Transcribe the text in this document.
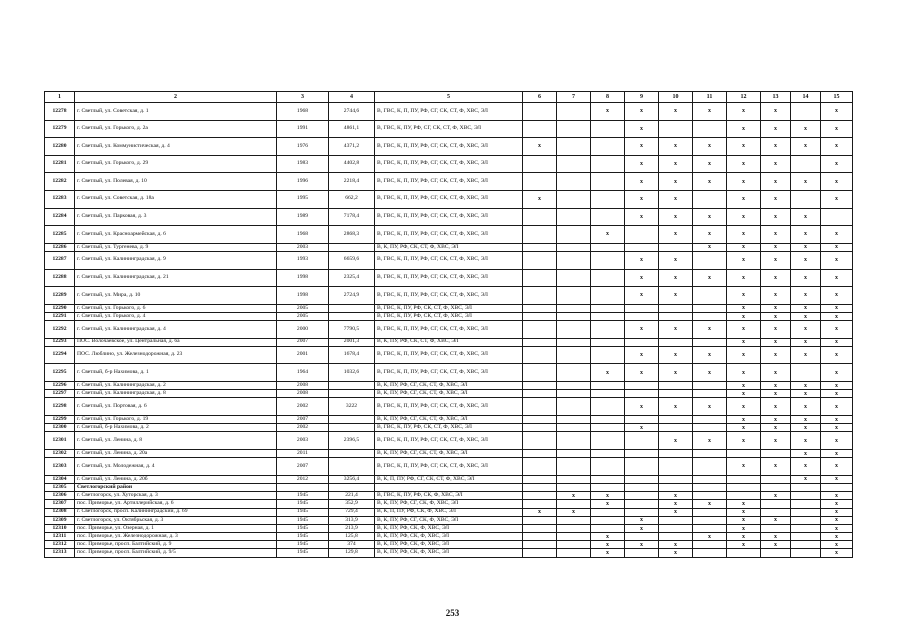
1	2	3	4	5	6	7	8	9	10	11	12	13	14	15
12278	г. Светлый, ул. Советская, д. 1	1968	2744,6	В, ГВС, К, П, ПУ, РФ, СГ, СК, СТ, Ф, ХВС, ЭЛ			x	x	x	x	x	x		x
12279	г. Светлый, ул. Горького, д. 2а	1991	4861,1	В, ГВС, К, ПУ, РФ, СГ, СК, СТ, Ф, ХВС, ЭЛ				x			x	x	x	x
12280	г. Светлый, ул. Коммунистическая, д. 4	1976	4371,2	В, ГВС, К, П, ПУ, РФ, СГ, СК, СТ, Ф, ХВС, ЭЛ	x			x	x	x	x	x	x	x
12281	г. Светлый, ул. Горького, д. 29	1983	4402,8	В, ГВС, К, П, ПУ, РФ, СГ, СК, СТ, Ф, ХВС, ЭЛ				x	x	x	x	x		x
12282	г. Светлый, ул. Полевая, д. 10	1996	2218,4	В, ГВС, К, П, ПУ, РФ, СГ, СК, СТ, Ф, ХВС, ЭЛ				x	x	x	x	x	x	x
12283	г. Светлый, ул. Советская, д. 18а	1995	662,2	В, ГВС, К, П, ПУ, РФ, СГ, СК, СТ, Ф, ХВС, ЭЛ	x			x	x		x	x		x
12284	г. Светлый, ул. Парковая, д. 3	1989	7178,4	В, ГВС, К, П, ПУ, РФ, СГ, СК, СТ, Ф, ХВС, ЭЛ				x	x	x	x	x	x	
12285	г. Светлый, ул. Красноармейская, д. 6	1968	2868,3	В, ГВС, К, П, ПУ, РФ, СГ, СК, СТ, Ф, ХВС, ЭЛ			x		x	x	x	x	x	x
12286	г. Светлый, ул. Тургенева, д. 9	2003		В, К, ПУ, РФ, СК, СТ, Ф, ХВС, ЭЛ						x	x	x	x	x
12287	г. Светлый, ул. Калининградская, д. 9	1993	6659,6	В, ГВС, К, П, ПУ, РФ, СГ, СК, СТ, Ф, ХВС, ЭЛ				x	x		x	x	x	x
12288	г. Светлый, ул. Калининградская, д. 21	1998	2325,4	В, ГВС, К, П, ПУ, РФ, СГ, СК, СТ, Ф, ХВС, ЭЛ				x	x	x	x	x	x	x
12289	г. Светлый, ул. Мира, д. 10	1998	2724,9	В, ГВС, К, П, ПУ, РФ, СГ, СК, СТ, Ф, ХВС, ЭЛ				x	x		x	x	x	x
12290	г. Светлый, ул. Горького, д. 6	2005		В, ГВС, К, ПУ, РФ, СК, СТ, Ф, ХВС, ЭЛ							x	x	x	x
12291	г. Светлый, ул. Горького, д. 4	2005		В, ГВС, К, ПУ, РФ, СК, СТ, Ф, ХВС, ЭЛ							x	x	x	x
12292	г. Светлый, ул. Калининградская, д. 4	2000	7790,5	В, ГВС, К, П, ПУ, РФ, СГ, СК, СТ, Ф, ХВС, ЭЛ				x	x	x	x	x	x	x
12293	ПОС. Волочаевское, ул. Центральная, д. 6а	2007	2001,3	В, К, ПУ, РФ, СК, СТ, Ф, ХВС, ЭЛ							x	x	x	x
12294	ПОС. Люблино, ул. Железнодорожная, д. 23	2001	1678,4	В, ГВС, К, П, ПУ, РФ, СГ, СК, СТ, Ф, ХВС, ЭЛ				x	x	x	x	x	x	x
12295	г. Светлый, б-р Нахимова, д. 1	1964	1032,6	В, ГВС, К, П, ПУ, РФ, СГ, СК, СТ, Ф, ХВС, ЭЛ			x	x	x	x	x	x		x
12296	г. Светлый, ул. Калининградская, д. 2	2008		В, К, ПУ, РФ, СГ, СК, СТ, Ф, ХВС, ЭЛ							x	x	x	x
12297	г. Светлый, ул. Калининградская, д. 8	2008		В, К, ПУ, РФ, СГ, СК, СТ, Ф, ХВС, ЭЛ							x	x	x	x
12298	г. Светлый, ул. Портовая, д. 6	2002	3222	В, ГВС, К, П, ПУ, РФ, СГ, СК, СТ, Ф, ХВС, ЭЛ				x	x	x	x	x	x	x
12299	г. Светлый, ул. Горького, д. 19	2007		В, К, ПУ, РФ, СГ, СК, СТ, Ф, ХВС, ЭЛ							x	x	x	x
12300	г. Светлый, б-р Нахимова, д. 2	2002		В, ГВС, К, ПУ, РФ, СК, СТ, Ф, ХВС, ЭЛ				x			x	x	x	x
12301	г. Светлый, ул. Ленина, д. 8	2003	2396,5	В, ГВС, К, П, ПУ, РФ, СГ, СК, СТ, Ф, ХВС, ЭЛ					x	x	x	x	x	x
12302	г. Светлый, ул. Ленина, д. 20а	2011		В, К, ПУ, РФ, СГ, СК, СТ, Ф, ХВС, ЭЛ									x	x
12303	г. Светлый, ул. Молодежная, д. 4	2007		В, ГВС, К, П, ПУ, РФ, СГ, СК, СТ, Ф, ХВС, ЭЛ							x	x	x	x
12304	г. Светлый, ул. Ленина, д. 20б	2012	3256,4	В, К, П, ПУ, РФ, СГ, СК, СТ, Ф, ХВС, ЭЛ									x	x
12305	Светлогорский район													
12306	г. Светлогорск, ул. Хуторская, д. 3	1945	221,4	В, ГВС, К, ПУ, РФ, СК, Ф, ХВС, ЭЛ		x	x		x			x		x
12307	пос. Приморье, ул. Артиллерийская, д. 6	1945	352,9	В, К, ПУ, РФ, СГ, СК, Ф, ХВС, ЭЛ			x		x	x	x			x
12308	г. Светлогорск, просп. Калининградский, д. 69	1945	729,4	В, К, П, ПУ, РФ, СК, Ф, ХВС, ЭЛ	x	x			x		x			x
12309	г. Светлогорск, ул. Октябрьская, д. 3	1945	313,9	В, К, ПУ, РФ, СГ, СК, Ф, ХВС, ЭЛ				x			x	x		x
12310	пос. Приморье, ул. Озерная, д. 1	1945	213,9	В, К, ПУ, РФ, СК, Ф, ХВС, ЭЛ				x			x			x
12311	пос. Приморье, ул. Железнодорожная, д. 3	1945	125,8	В, К, ПУ, РФ, СК, Ф, ХВС, ЭЛ			x			x	x	x		x
12312	пос. Приморье, просп. Балтийский, д. 9	1945	374	В, К, ПУ, РФ, СК, Ф, ХВС, ЭЛ			x	x	x		x	x		x
12313	пос. Приморье, просп. Балтийский, д. 9/5	1945	129,8	В, К, ПУ, РФ, СК, Ф, ХВС, ЭЛ			x		x					x
253
